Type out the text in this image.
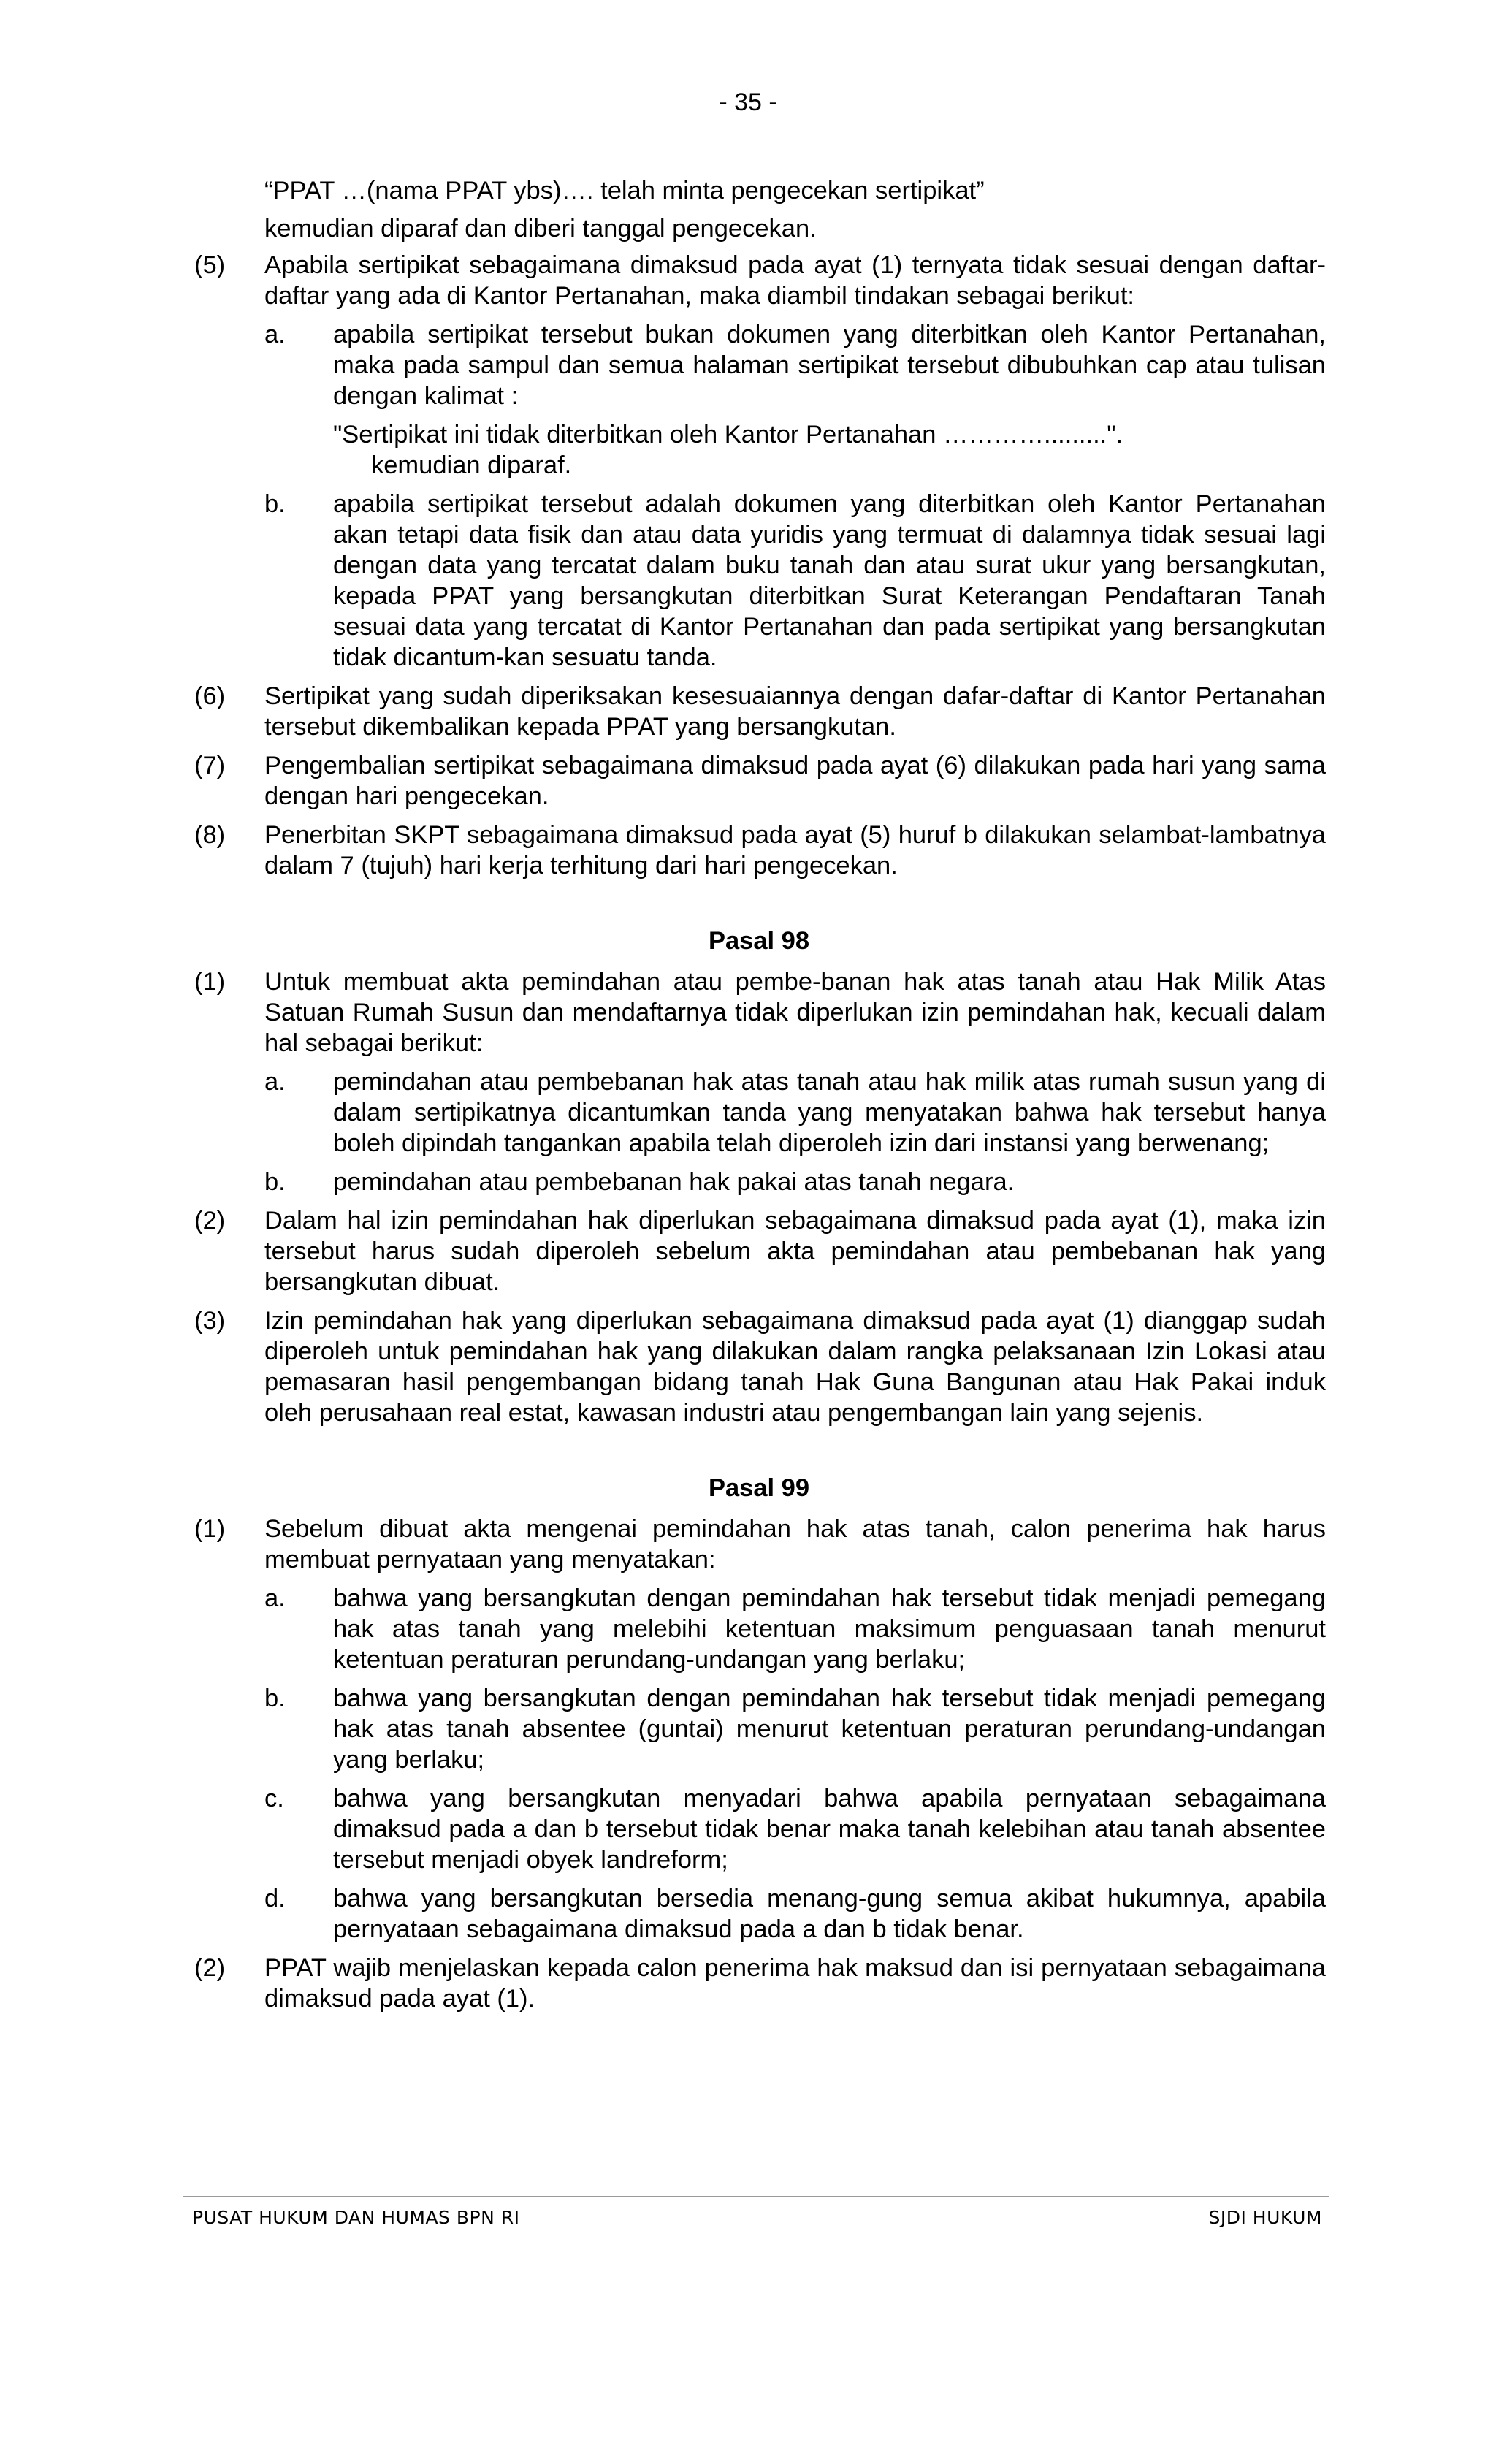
- 35 -
“PPAT …(nama PPAT ybs)…. telah minta pengecekan sertipikat”
kemudian diparaf dan diberi tanggal pengecekan.
(5) Apabila sertipikat sebagaimana dimaksud pada ayat (1) ternyata tidak sesuai dengan daftar-daftar yang ada di Kantor Pertanahan, maka diambil tindakan sebagai berikut:
a. apabila sertipikat tersebut bukan dokumen yang diterbitkan oleh Kantor Pertanahan, maka pada sampul dan semua halaman sertipikat tersebut dibubuhkan cap atau tulisan dengan kalimat :
"Sertipikat ini tidak diterbitkan oleh Kantor Pertanahan ………….........".
kemudian diparaf.
b. apabila sertipikat tersebut adalah dokumen yang diterbitkan oleh Kantor Pertanahan akan tetapi data fisik dan atau data yuridis yang termuat di dalamnya tidak sesuai lagi dengan data yang tercatat dalam buku tanah dan atau surat ukur yang bersangkutan, kepada PPAT yang bersangkutan diterbitkan Surat Keterangan Pendaftaran Tanah sesuai data yang tercatat di Kantor Pertanahan dan pada sertipikat yang bersangkutan tidak dicantum-kan sesuatu tanda.
(6) Sertipikat yang sudah diperiksakan kesesuaiannya dengan dafar-daftar di Kantor Pertanahan tersebut dikembalikan kepada PPAT yang bersangkutan.
(7) Pengembalian sertipikat sebagaimana dimaksud pada ayat (6) dilakukan pada hari yang sama dengan hari pengecekan.
(8) Penerbitan SKPT sebagaimana dimaksud pada ayat (5) huruf b dilakukan selambat-lambatnya dalam 7 (tujuh) hari kerja terhitung dari hari pengecekan.
Pasal 98
(1) Untuk membuat akta pemindahan atau pembe-banan hak atas tanah atau Hak Milik Atas Satuan Rumah Susun dan mendaftarnya tidak diperlukan izin pemindahan hak, kecuali dalam hal sebagai berikut:
a. pemindahan atau pembebanan hak atas tanah atau hak milik atas rumah susun yang di dalam sertipikatnya dicantumkan tanda yang menyatakan bahwa hak tersebut hanya boleh dipindah tangankan apabila telah diperoleh izin dari instansi yang berwenang;
b. pemindahan atau pembebanan hak pakai atas tanah negara.
(2) Dalam hal izin pemindahan hak diperlukan sebagaimana dimaksud pada ayat (1), maka izin tersebut harus sudah diperoleh sebelum akta pemindahan atau pembebanan hak yang bersangkutan dibuat.
(3) Izin pemindahan hak yang diperlukan sebagaimana dimaksud pada ayat (1) dianggap sudah diperoleh untuk pemindahan hak yang dilakukan dalam rangka pelaksanaan Izin Lokasi atau pemasaran hasil pengembangan bidang tanah Hak Guna Bangunan atau Hak Pakai induk oleh perusahaan real estat, kawasan industri atau pengembangan lain yang sejenis.
Pasal 99
(1) Sebelum dibuat akta mengenai pemindahan hak atas tanah, calon penerima hak harus membuat pernyataan yang menyatakan:
a. bahwa yang bersangkutan dengan pemindahan hak tersebut tidak menjadi pemegang hak atas tanah yang melebihi ketentuan maksimum penguasaan tanah menurut ketentuan peraturan perundang-undangan yang berlaku;
b. bahwa yang bersangkutan dengan pemindahan hak tersebut tidak menjadi pemegang hak atas tanah absentee (guntai) menurut ketentuan peraturan perundang-undangan yang berlaku;
c. bahwa yang bersangkutan menyadari bahwa apabila pernyataan sebagaimana dimaksud pada a dan b tersebut tidak benar maka tanah kelebihan atau tanah absentee tersebut menjadi obyek landreform;
d. bahwa yang bersangkutan bersedia menang-gung semua akibat hukumnya, apabila pernyataan sebagaimana dimaksud pada a dan b tidak benar.
(2) PPAT wajib menjelaskan kepada calon penerima hak maksud dan isi pernyataan sebagaimana dimaksud pada ayat (1).
PUSAT HUKUM DAN HUMAS BPN RI	SJDI HUKUM
